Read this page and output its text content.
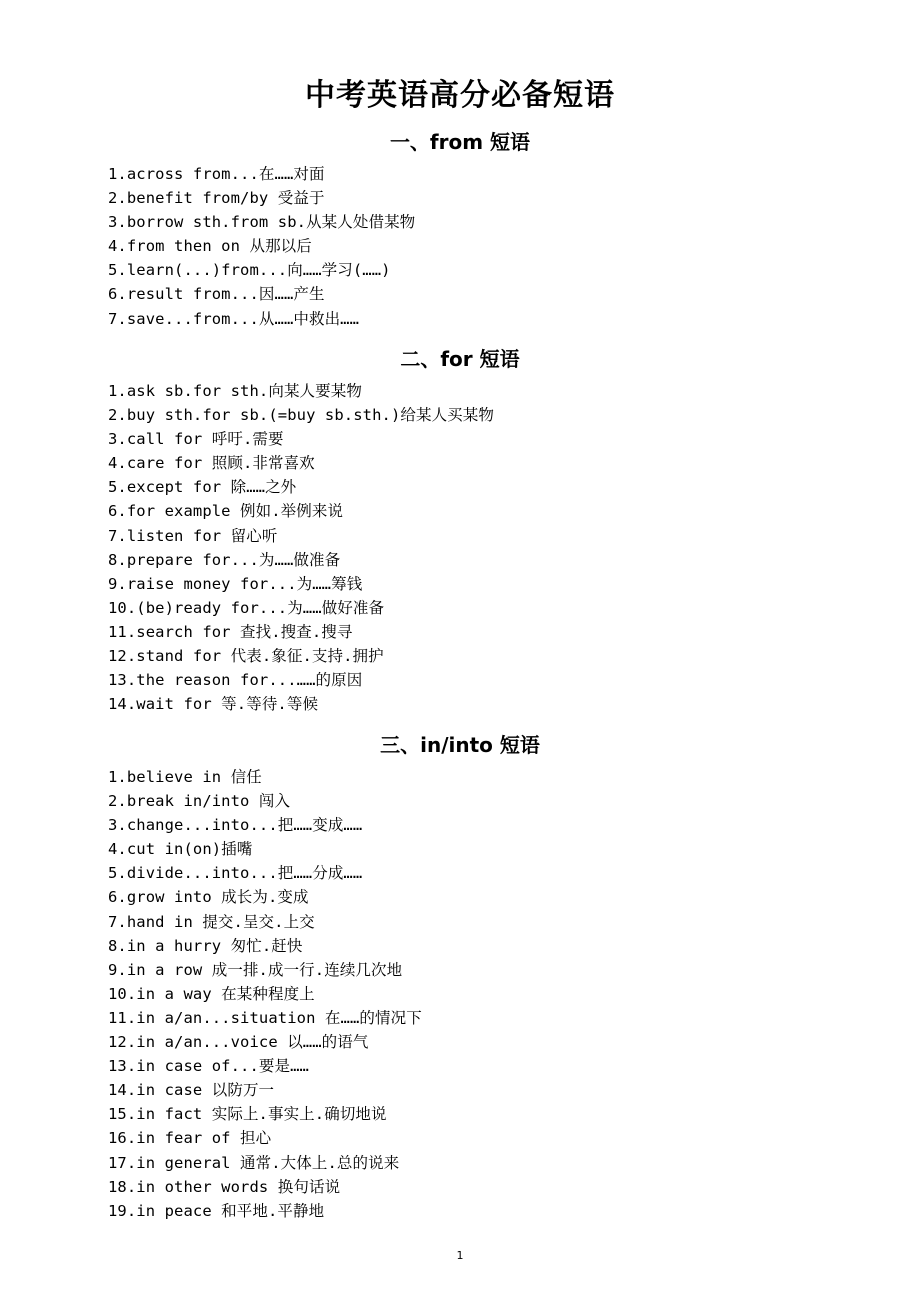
中考英语高分必备短语
一、from 短语
1.across from...在……对面
2.benefit from/by 受益于
3.borrow sth.from sb.从某人处借某物
4.from then on 从那以后
5.learn(...)from...向……学习(……)
6.result from...因……产生
7.save...from...从……中救出……
二、for 短语
1.ask sb.for sth.向某人要某物
2.buy sth.for sb.(=buy sb.sth.)给某人买某物
3.call for 呼吁.需要
4.care for 照顾.非常喜欢
5.except for 除……之外
6.for example 例如.举例来说
7.listen for 留心听
8.prepare for...为……做准备
9.raise money for...为……筹钱
10.(be)ready for...为……做好准备
11.search for 查找.搜查.搜寻
12.stand for 代表.象征.支持.拥护
13.the reason for...……的原因
14.wait for 等.等待.等候
三、in/into 短语
1.believe in 信任
2.break in/into 闯入
3.change...into...把……变成……
4.cut in(on)插嘴
5.divide...into...把……分成……
6.grow into 成长为.变成
7.hand in 提交.呈交.上交
8.in a hurry 匆忙.赶快
9.in a row 成一排.成一行.连续几次地
10.in a way 在某种程度上
11.in a/an...situation 在……的情况下
12.in a/an...voice 以……的语气
13.in case of...要是……
14.in case 以防万一
15.in fact 实际上.事实上.确切地说
16.in fear of 担心
17.in general 通常.大体上.总的说来
18.in other words 换句话说
19.in peace 和平地.平静地
1
